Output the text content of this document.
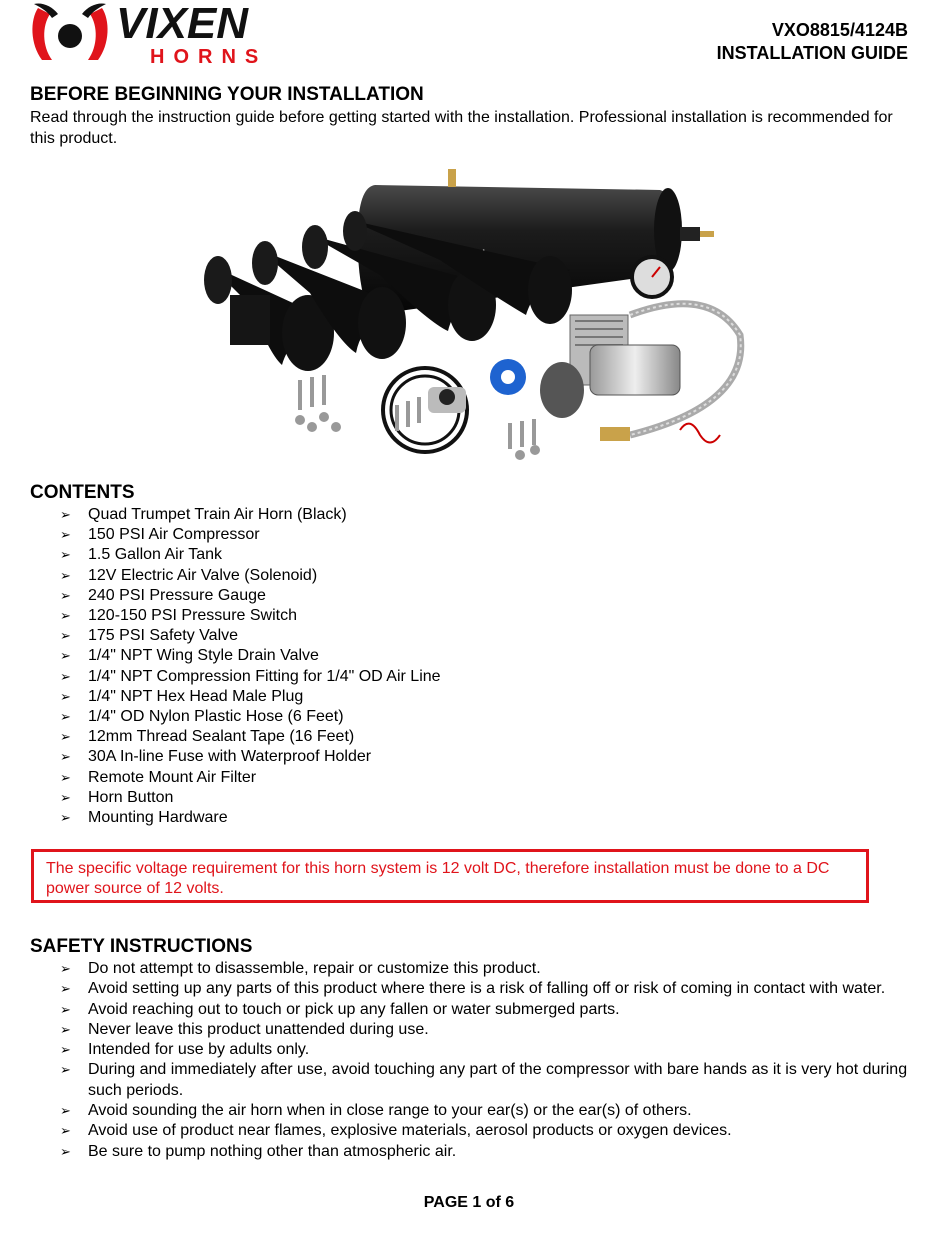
VIXEN
HORNS
VXO8815/4124B
INSTALLATION GUIDE
BEFORE BEGINNING YOUR INSTALLATION
Read through the instruction guide before getting started with the installation. Professional installation is recommended for this product.
CONTENTS
➢ Quad Trumpet Train Air Horn (Black)
➢ 150 PSI Air Compressor
➢ 1.5 Gallon Air Tank
➢ 12V Electric Air Valve (Solenoid)
➢ 240 PSI Pressure Gauge
➢ 120-150 PSI Pressure Switch
➢ 175 PSI Safety Valve
➢ 1/4" NPT Wing Style Drain Valve
➢ 1/4" NPT Compression Fitting for 1/4" OD Air Line
➢ 1/4" NPT Hex Head Male Plug
➢ 1/4" OD Nylon Plastic Hose (6 Feet)
➢ 12mm Thread Sealant Tape (16 Feet)
➢ 30A In-line Fuse with Waterproof Holder
➢ Remote Mount Air Filter
➢ Horn Button
➢ Mounting Hardware
The specific voltage requirement for this horn system is 12 volt DC, therefore installation must be done to a DC power source of 12 volts.
SAFETY INSTRUCTIONS
➢ Do not attempt to disassemble, repair or customize this product.
➢ Avoid setting up any parts of this product where there is a risk of falling off or risk of coming in contact with water.
➢ Avoid reaching out to touch or pick up any fallen or water submerged parts.
➢ Never leave this product unattended during use.
➢ Intended for use by adults only.
➢ During and immediately after use, avoid touching any part of the compressor with bare hands as it is very hot during such periods.
➢ Avoid sounding the air horn when in close range to your ear(s) or the ear(s) of others.
➢ Avoid use of product near flames, explosive materials, aerosol products or oxygen devices.
➢ Be sure to pump nothing other than atmospheric air.
PAGE 1 of 6
